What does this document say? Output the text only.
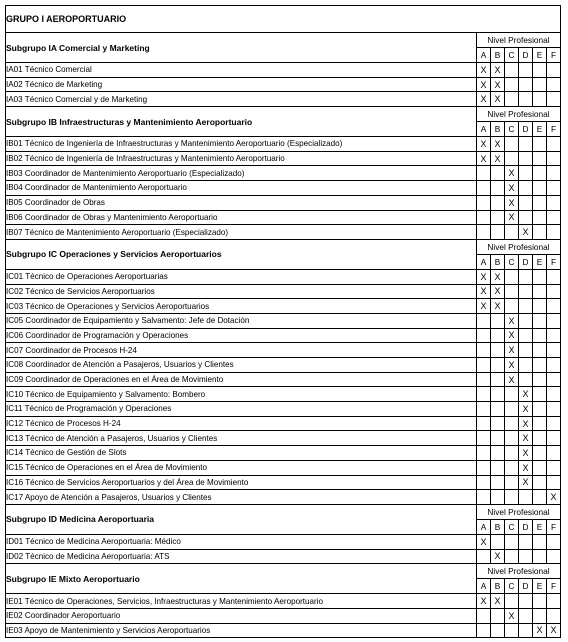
GRUPO I AEROPORTUARIO						
Subgrupo IA Comercial y Marketing	Nivel Profesional					
	A	B	C	D	E	F
IA01 Técnico Comercial	X	X				
IA02 Técnico de Marketing	X	X				
IA03 Técnico Comercial y de Marketing	X	X				
Subgrupo IB Infraestructuras y Mantenimiento Aeroportuario	Nivel Profesional					
	A	B	C	D	E	F
IB01 Técnico de Ingeniería de Infraestructuras y Mantenimiento Aeroportuario (Especializado)	X	X				
IB02 Técnico de Ingeniería de Infraestructuras y Mantenimiento Aeroportuario	X	X				
IB03 Coordinador de Mantenimiento Aeroportuario (Especializado)			X			
IB04 Coordinador de Mantenimiento Aeroportuario			X			
IB05 Coordinador de Obras			X			
IB06 Coordinador de Obras y Mantenimiento Aeroportuario			X			
IB07 Técnico de Mantenimiento Aeroportuario (Especializado)				X		
Subgrupo IC Operaciones y Servicios Aeroportuarios	Nivel Profesional					
	A	B	C	D	E	F
IC01 Técnico de Operaciones Aeroportuarias	X	X				
IC02 Técnico de Servicios Aeroportuarios	X	X				
IC03 Técnico de Operaciones y Servicios Aeroportuarios	X	X				
IC05 Coordinador de Equipamiento y Salvamento: Jefe de Dotación			X			
IC06 Coordinador de Programación y Operaciones			X			
IC07 Coordinador de Procesos H-24			X			
IC08 Coordinador de Atención a Pasajeros, Usuarios y Clientes			X			
IC09 Coordinador de Operaciones en el Área de Movimiento			X			
IC10 Técnico de Equipamiento y Salvamento: Bombero				X		
IC11 Técnico de Programación y Operaciones				X		
IC12 Técnico de Procesos H-24				X		
IC13 Técnico de Atención a Pasajeros, Usuarios y Clientes				X		
IC14 Técnico de Gestión de Slots				X		
IC15 Técnico de Operaciones en el Área de Movimiento				X		
IC16 Técnico de Servicios Aeroportuarios y del Área de Movimiento				X		
IC17 Apoyo de Atención a Pasajeros, Usuarios y Clientes						X
Subgrupo ID Medicina Aeroportuaria	Nivel Profesional					
	A	B	C	D	E	F
ID01 Técnico de Medicina Aeroportuaria: Médico	X					
ID02 Técnico de Medicina Aeroportuaria: ATS		X				
Subgrupo IE Mixto Aeroportuario	Nivel Profesional					
	A	B	C	D	E	F
IE01 Técnico de Operaciones, Servicios, Infraestructuras y Mantenimiento Aeroportuario	X	X				
IE02 Coordinador Aeroportuario			X			
IE03 Apoyo de Mantenimiento y Servicios Aeroportuarios					X	X
